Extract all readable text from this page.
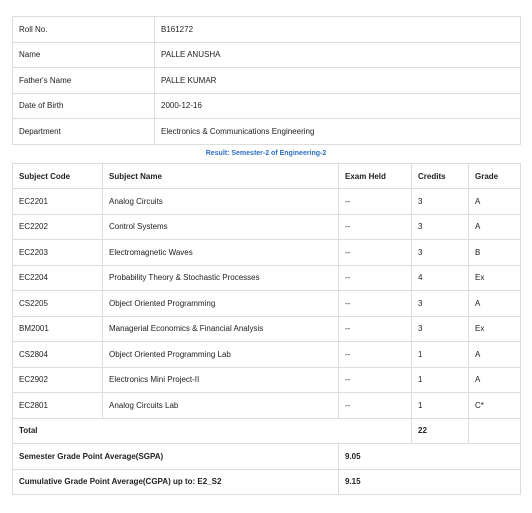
Roll No.	B161272
Name	PALLE ANUSHA
Father's Name	PALLE KUMAR
Date of Birth	2000-12-16
Department	Electronics & Communications Engineering
Result: Semester-2 of Engineering-2
Subject Code	Subject Name	Exam Held	Credits	Grade
EC2201	Analog Circuits	--	3	A
EC2202	Control Systems	--	3	A
EC2203	Electromagnetic Waves	--	3	B
EC2204	Probability Theory & Stochastic Processes	--	4	Ex
CS2205	Object Oriented Programming	--	3	A
BM2001	Managerial Economics & Financial Analysis	--	3	Ex
CS2804	Object Oriented Programming Lab	--	1	A
EC2902	Electronics Mini Project-II	--	1	A
EC2801	Analog Circuits Lab	--	1	C*
Total			22	
Semester Grade Point Average(SGPA)		9.05		
Cumulative Grade Point Average(CGPA) up to: E2_S2		9.15		
